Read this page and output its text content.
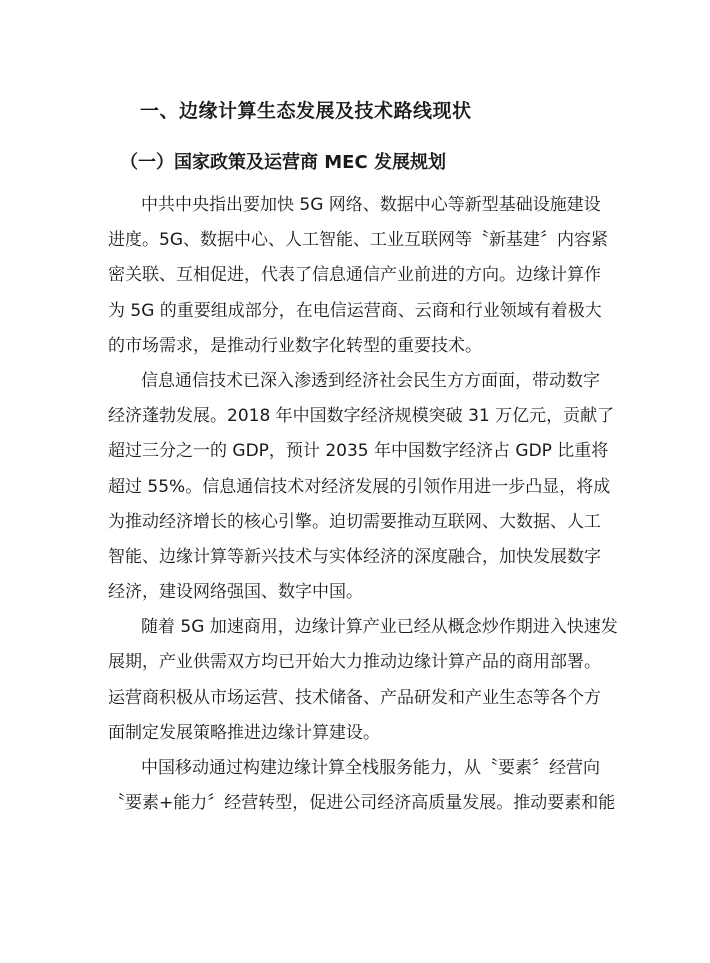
一、边缘计算生态发展及技术路线现状
（一）国家政策及运营商 MEC 发展规划
中共中央指出要加快 5G 网络、数据中心等新型基础设施建设
进度。5G、数据中心、人工智能、工业互联网等〝新基建〞内容紧
密关联、互相促进，代表了信息通信产业前进的方向。边缘计算作
为 5G 的重要组成部分，在电信运营商、云商和行业领域有着极大
的市场需求，是推动行业数字化转型的重要技术。
信息通信技术已深入渗透到经济社会民生方方面面，带动数字
经济蓬勃发展。2018 年中国数字经济规模突破 31 万亿元，贡献了
超过三分之一的 GDP，预计 2035 年中国数字经济占 GDP 比重将
超过 55%。信息通信技术对经济发展的引领作用进一步凸显，将成
为推动经济增长的核心引擎。迫切需要推动互联网、大数据、人工
智能、边缘计算等新兴技术与实体经济的深度融合，加快发展数字
经济，建设网络强国、数字中国。
随着 5G 加速商用，边缘计算产业已经从概念炒作期进入快速发
展期，产业供需双方均已开始大力推动边缘计算产品的商用部署。
运营商积极从市场运营、技术储备、产品研发和产业生态等各个方
面制定发展策略推进边缘计算建设。
中国移动通过构建边缘计算全栈服务能力，从〝要素〞经营向
〝要素+能力〞经营转型，促进公司经济高质量发展。推动要素和能
